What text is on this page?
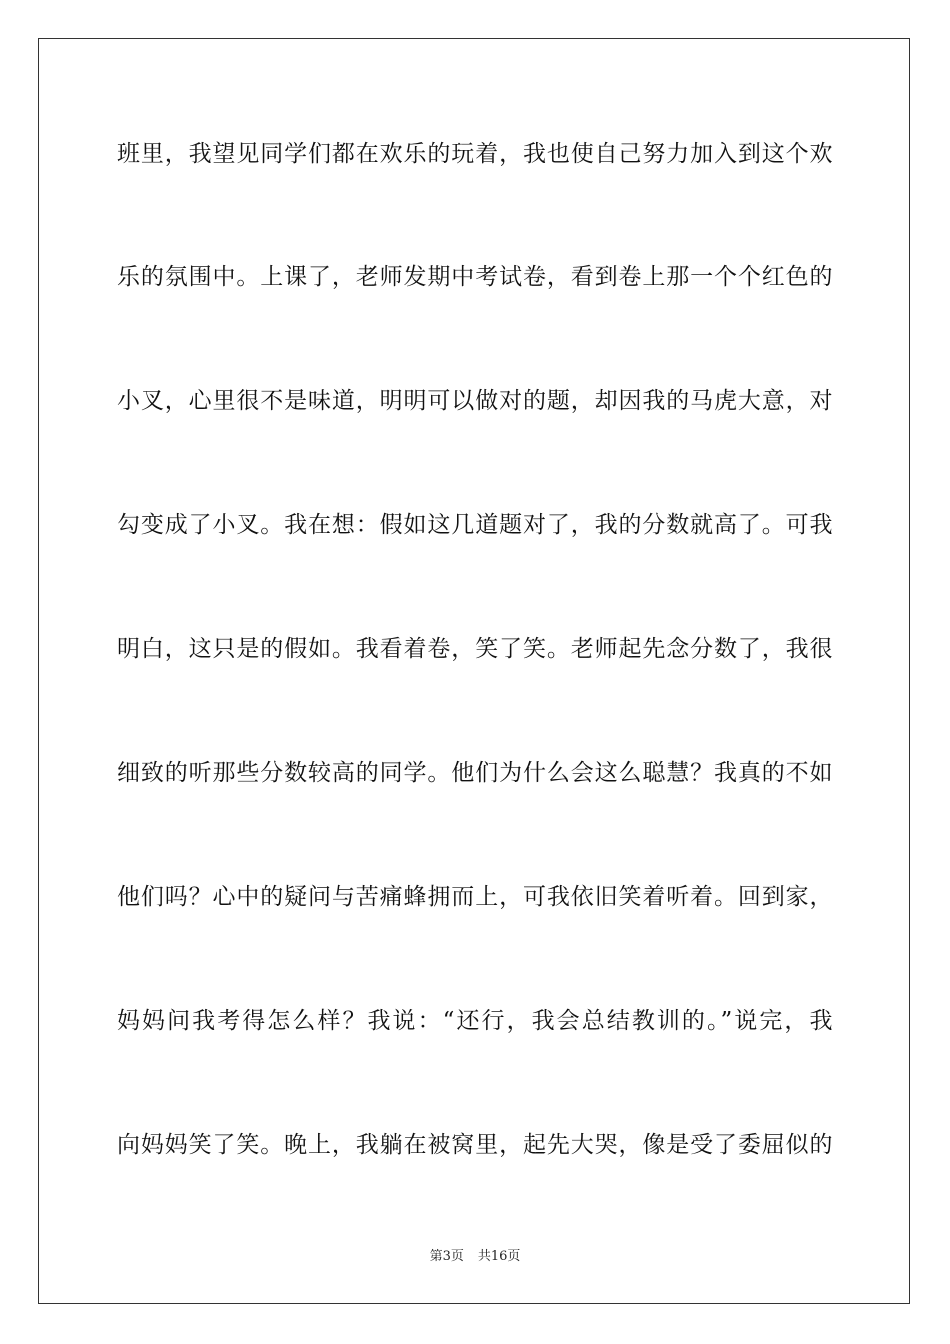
班里，我望见同学们都在欢乐的玩着，我也使自己努力加入到这个欢
乐的氛围中。上课了，老师发期中考试卷，看到卷上那一个个红色的
小叉，心里很不是味道，明明可以做对的题，却因我的马虎大意，对
勾变成了小叉。我在想：假如这几道题对了，我的分数就高了。可我
明白，这只是的假如。我看着卷，笑了笑。老师起先念分数了，我很
细致的听那些分数较高的同学。他们为什么会这么聪慧？我真的不如
他们吗？心中的疑问与苦痛蜂拥而上，可我依旧笑着听着。回到家，
妈妈问我考得怎么样？我说：“还行，我会总结教训的。”说完，我
向妈妈笑了笑。晚上，我躺在被窝里，起先大哭，像是受了委屈似的
第3页 共16页
